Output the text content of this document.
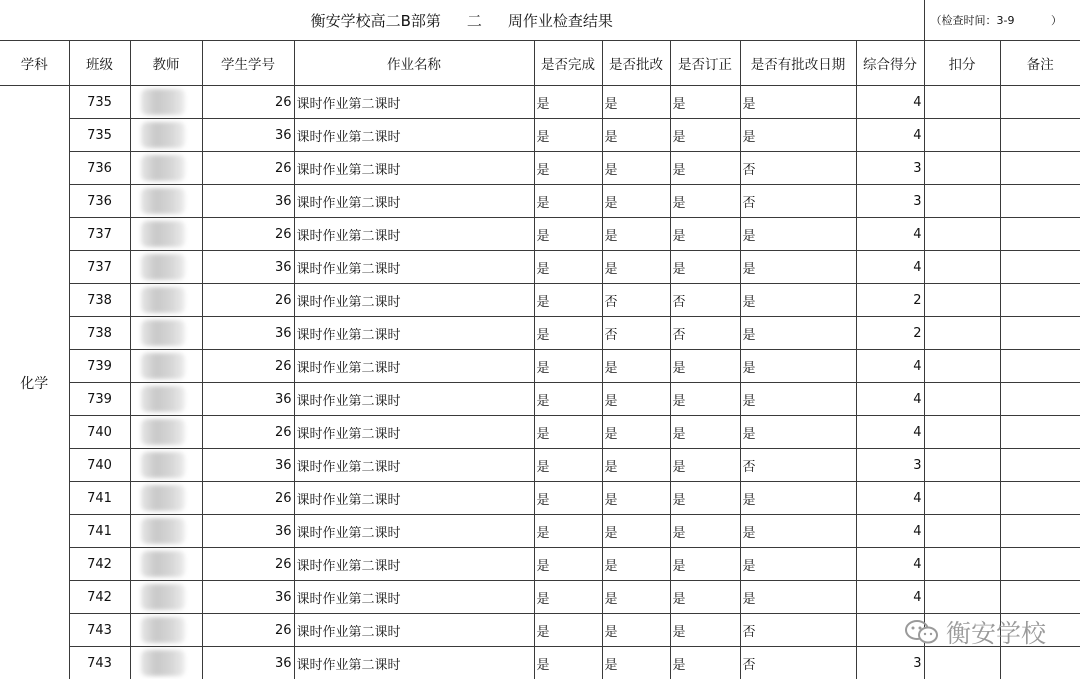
衡安学校高二B部第 二 周作业检查结果										（检查时间：3-9 ）	

学科	班级	教师	学生学号	作业名称	是否完成	是否批改	是否订正	是否有批改日期	综合得分	扣分	备注
化学	735		26	课时作业第二课时	是	是	是	是	4		
	735		36	课时作业第二课时	是	是	是	是	4		
	736		26	课时作业第二课时	是	是	是	否	3		
	736		36	课时作业第二课时	是	是	是	否	3		
	737		26	课时作业第二课时	是	是	是	是	4		
	737		36	课时作业第二课时	是	是	是	是	4		
	738		26	课时作业第二课时	是	否	否	是	2		
	738		36	课时作业第二课时	是	否	否	是	2		
	739		26	课时作业第二课时	是	是	是	是	4		
	739		36	课时作业第二课时	是	是	是	是	4		
	740		26	课时作业第二课时	是	是	是	是	4		
	740		36	课时作业第二课时	是	是	是	否	3		
	741		26	课时作业第二课时	是	是	是	是	4		
	741		36	课时作业第二课时	是	是	是	是	4		
	742		26	课时作业第二课时	是	是	是	是	4		
	742		36	课时作业第二课时	是	是	是	是	4		
	743		26	课时作业第二课时	是	是	是	否			
	743		36	课时作业第二课时	是	是	是	否	3		
衡安学校
